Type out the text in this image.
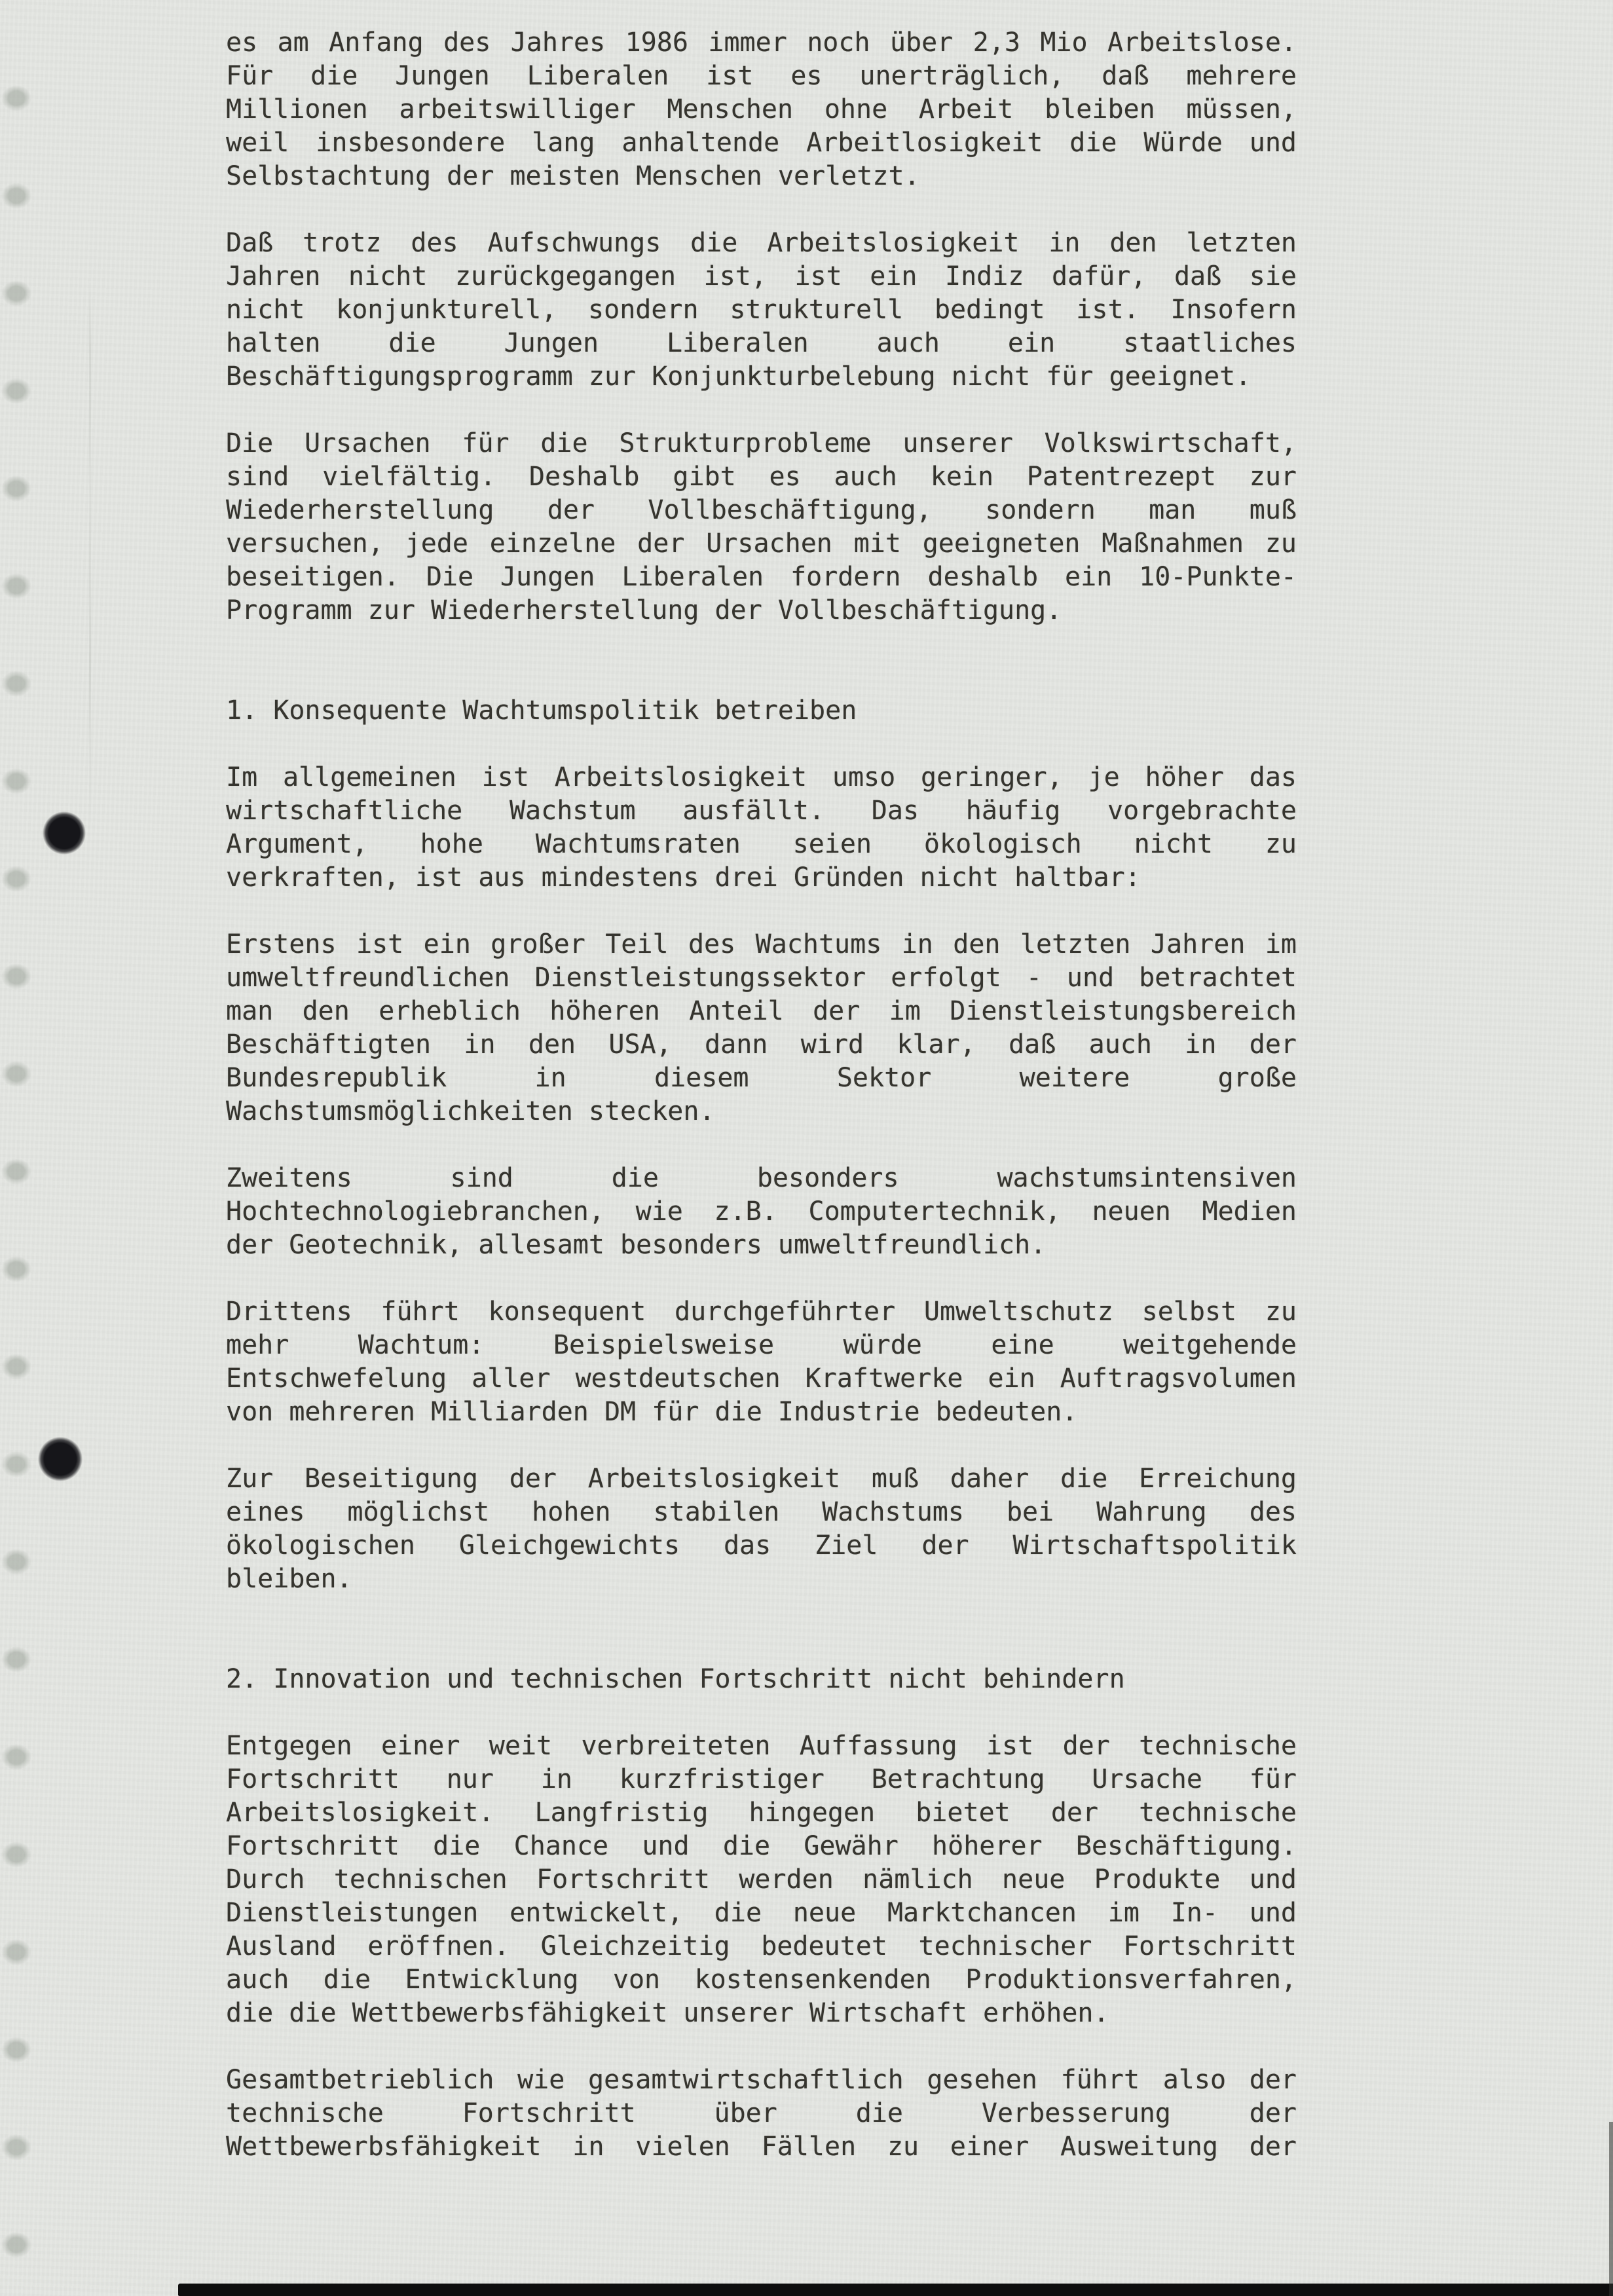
es am Anfang des Jahres 1986 immer noch über 2,3 Mio Arbeitslose.
Für die Jungen Liberalen ist es unerträglich, daß mehrere
Millionen arbeitswilliger Menschen ohne Arbeit bleiben müssen,
weil insbesondere lang anhaltende Arbeitlosigkeit die Würde und
Selbstachtung der meisten Menschen verletzt.
Daß trotz des Aufschwungs die Arbeitslosigkeit in den letzten
Jahren nicht zurückgegangen ist, ist ein Indiz dafür, daß sie
nicht konjunkturell, sondern strukturell bedingt ist. Insofern
halten die Jungen Liberalen auch ein staatliches
Beschäftigungsprogramm zur Konjunkturbelebung nicht für geeignet.
Die Ursachen für die Strukturprobleme unserer Volkswirtschaft,
sind vielfältig. Deshalb gibt es auch kein Patentrezept zur
Wiederherstellung der Vollbeschäftigung, sondern man muß
versuchen, jede einzelne der Ursachen mit geeigneten Maßnahmen zu
beseitigen. Die Jungen Liberalen fordern deshalb ein 10-Punkte-
Programm zur Wiederherstellung der Vollbeschäftigung.
1. Konsequente Wachtumspolitik betreiben
Im allgemeinen ist Arbeitslosigkeit umso geringer, je höher das
wirtschaftliche Wachstum ausfällt. Das häufig vorgebrachte
Argument, hohe Wachtumsraten seien ökologisch nicht zu
verkraften, ist aus mindestens drei Gründen nicht haltbar:
Erstens ist ein großer Teil des Wachtums in den letzten Jahren im
umweltfreundlichen Dienstleistungssektor erfolgt - und betrachtet
man den erheblich höheren Anteil der im Dienstleistungsbereich
Beschäftigten in den USA, dann wird klar, daß auch in der
Bundesrepublik in diesem Sektor weitere große
Wachstumsmöglichkeiten stecken.
Zweitens sind die besonders wachstumsintensiven
Hochtechnologiebranchen, wie z.B. Computertechnik, neuen Medien
der Geotechnik, allesamt besonders umweltfreundlich.
Drittens führt konsequent durchgeführter Umweltschutz selbst zu
mehr Wachtum: Beispielsweise würde eine weitgehende
Entschwefelung aller westdeutschen Kraftwerke ein Auftragsvolumen
von mehreren Milliarden DM für die Industrie bedeuten.
Zur Beseitigung der Arbeitslosigkeit muß daher die Erreichung
eines möglichst hohen stabilen Wachstums bei Wahrung des
ökologischen Gleichgewichts das Ziel der Wirtschaftspolitik
bleiben.
2. Innovation und technischen Fortschritt nicht behindern
Entgegen einer weit verbreiteten Auffassung ist der technische
Fortschritt nur in kurzfristiger Betrachtung Ursache für
Arbeitslosigkeit. Langfristig hingegen bietet der technische
Fortschritt die Chance und die Gewähr höherer Beschäftigung.
Durch technischen Fortschritt werden nämlich neue Produkte und
Dienstleistungen entwickelt, die neue Marktchancen im In- und
Ausland eröffnen. Gleichzeitig bedeutet technischer Fortschritt
auch die Entwicklung von kostensenkenden Produktionsverfahren,
die die Wettbewerbsfähigkeit unserer Wirtschaft erhöhen.
Gesamtbetrieblich wie gesamtwirtschaftlich gesehen führt also der
technische Fortschritt über die Verbesserung der
Wettbewerbsfähigkeit in vielen Fällen zu einer Ausweitung der
